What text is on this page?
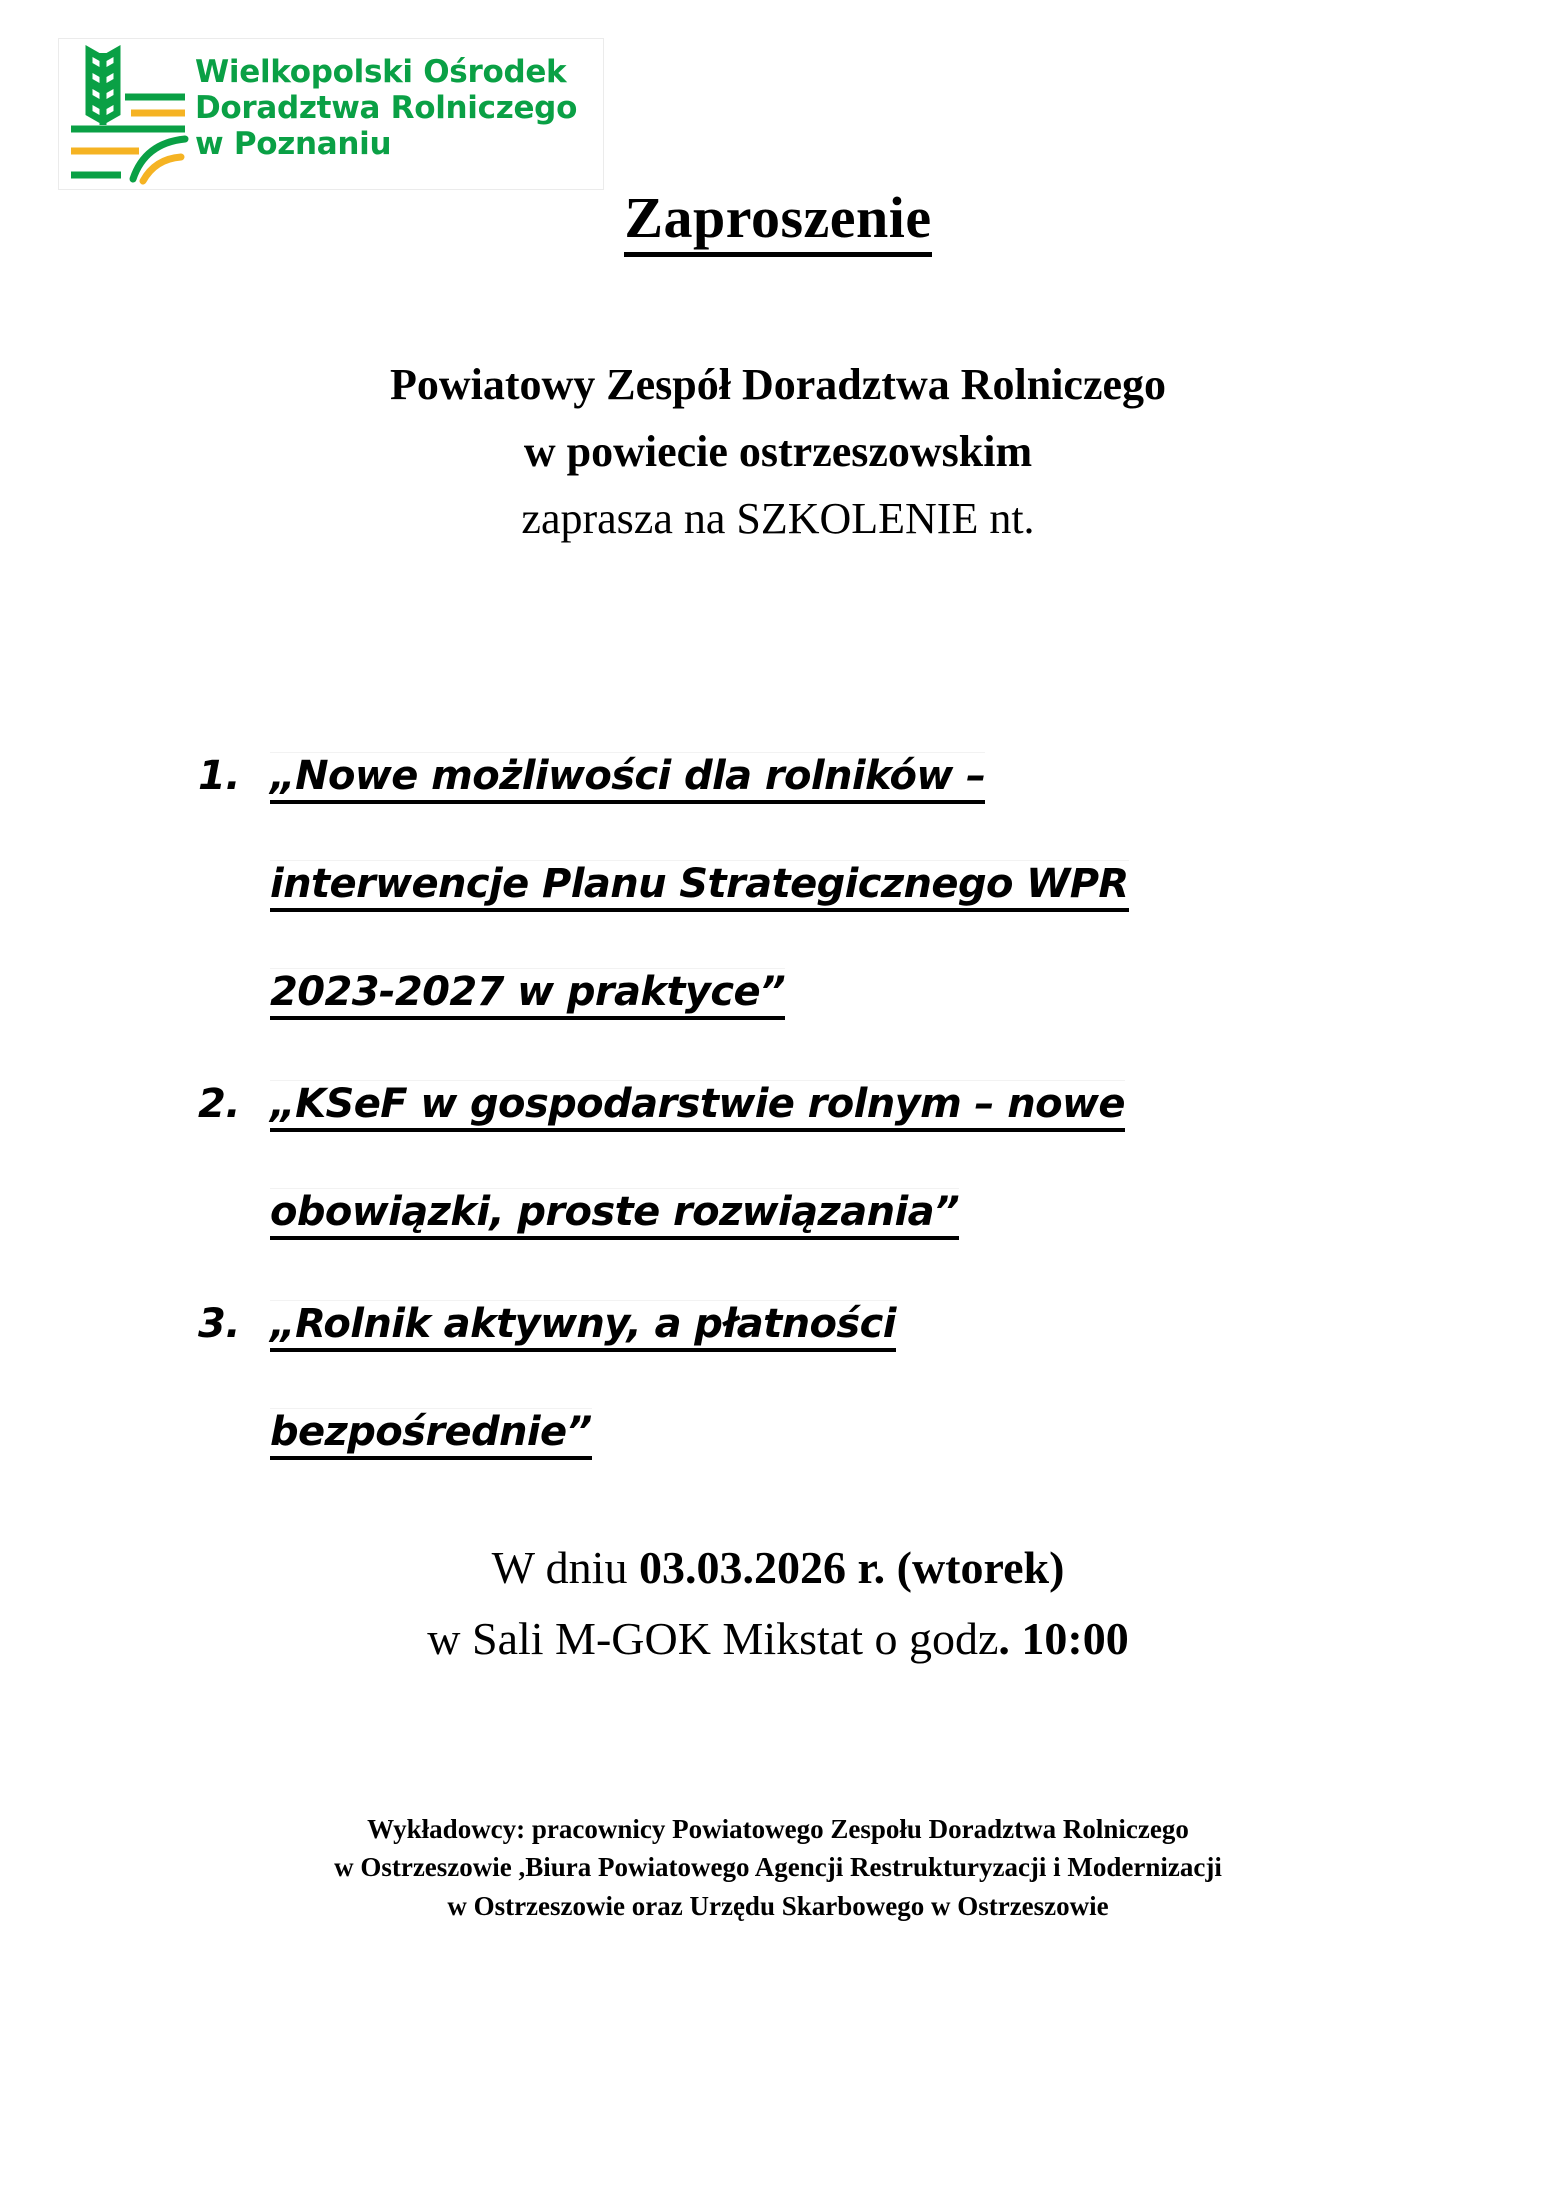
Wielkopolski Ośrodek
Doradztwa Rolniczego
w Poznaniu
Zaproszenie
Powiatowy Zespół Doradztwa Rolniczego
w powiecie ostrzeszowskim
zaprasza na SZKOLENIE nt.
1. „Nowe możliwości dla rolników –
interwencje Planu Strategicznego WPR
2023-2027 w praktyce”
2. „KSeF w gospodarstwie rolnym – nowe
obowiązki, proste rozwiązania”
3. „Rolnik aktywny, a płatności
bezpośrednie”
W dniu 03.03.2026 r. (wtorek)
w Sali M-GOK Mikstat o godz. 10:00
Wykładowcy: pracownicy Powiatowego Zespołu Doradztwa Rolniczego
w Ostrzeszowie ,Biura Powiatowego Agencji Restrukturyzacji i Modernizacji
w Ostrzeszowie oraz Urzędu Skarbowego w Ostrzeszowie
